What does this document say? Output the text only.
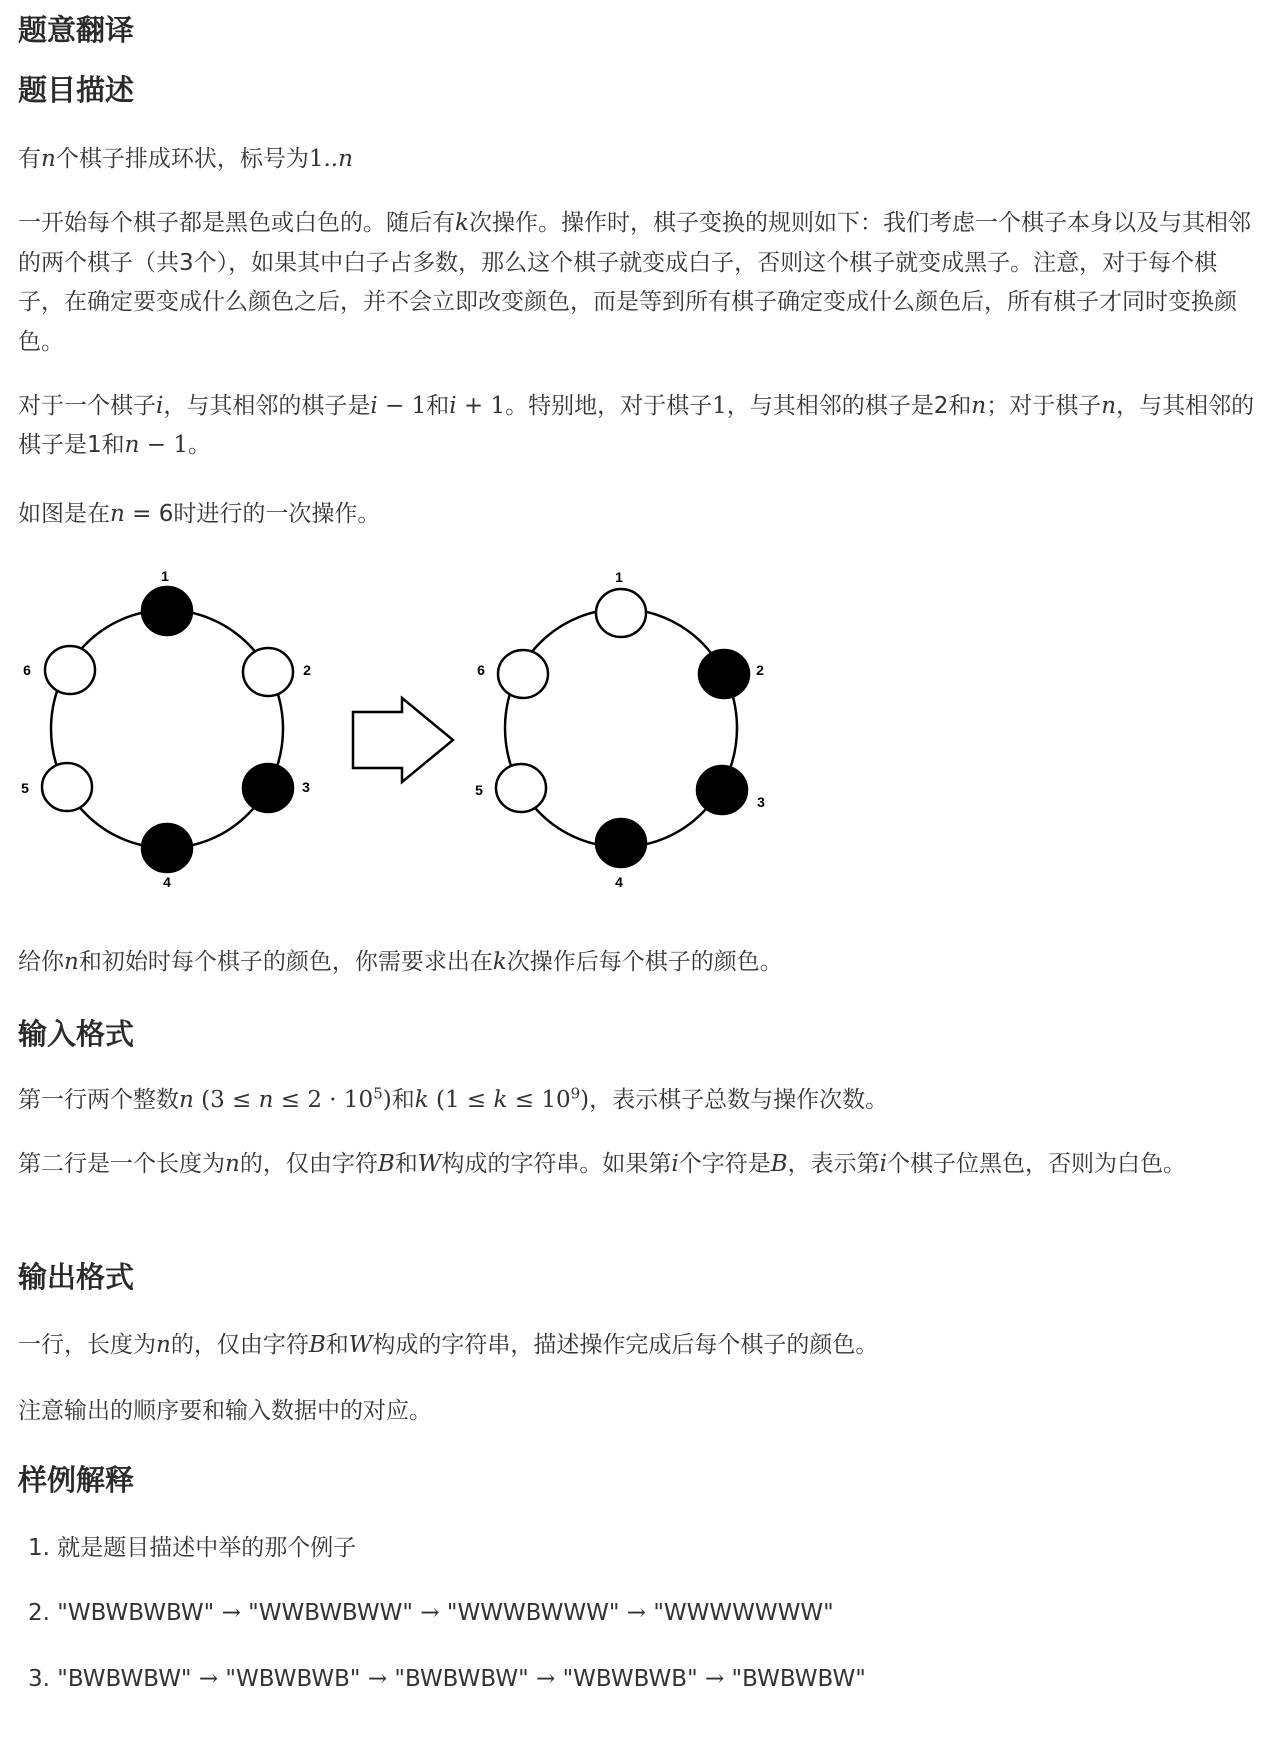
题意翻译
题目描述
有n个棋子排成环状，标号为1..n
一开始每个棋子都是黑色或白色的。随后有k次操作。操作时，棋子变换的规则如下：我们考虑一个棋子本身以及与其相邻的两个棋子（共3个），如果其中白子占多数，那么这个棋子就变成白子，否则这个棋子就变成黑子。注意，对于每个棋子，在确定要变成什么颜色之后，并不会立即改变颜色，而是等到所有棋子确定变成什么颜色后，所有棋子才同时变换颜色。
对于一个棋子i，与其相邻的棋子是i − 1和i + 1。特别地，对于棋子1，与其相邻的棋子是2和n；对于棋子n，与其相邻的棋子是1和n − 1。
如图是在n = 6时进行的一次操作。
1
2
3
4
5
6
1
2
3
4
5
6
给你n和初始时每个棋子的颜色，你需要求出在k次操作后每个棋子的颜色。
输入格式
第一行两个整数n $(3 \le n \le 2 \cdot 10^5)$和k $(1 \le k \le 10^9)$，表示棋子总数与操作次数。
第二行是一个长度为n的，仅由字符B和W构成的字符串。如果第i个字符是B，表示第i个棋子位黑色，否则为白色。
输出格式
一行，长度为n的，仅由字符B和W构成的字符串，描述操作完成后每个棋子的颜色。
注意输出的顺序要和输入数据中的对应。
样例解释
1. 就是题目描述中举的那个例子
2. "WBWBWBW" → "WWBWBWW" → "WWWBWWW" → "WWWWWWW"
3. "BWBWBW" → "WBWBWB" → "BWBWBW" → "WBWBWB" → "BWBWBW"
